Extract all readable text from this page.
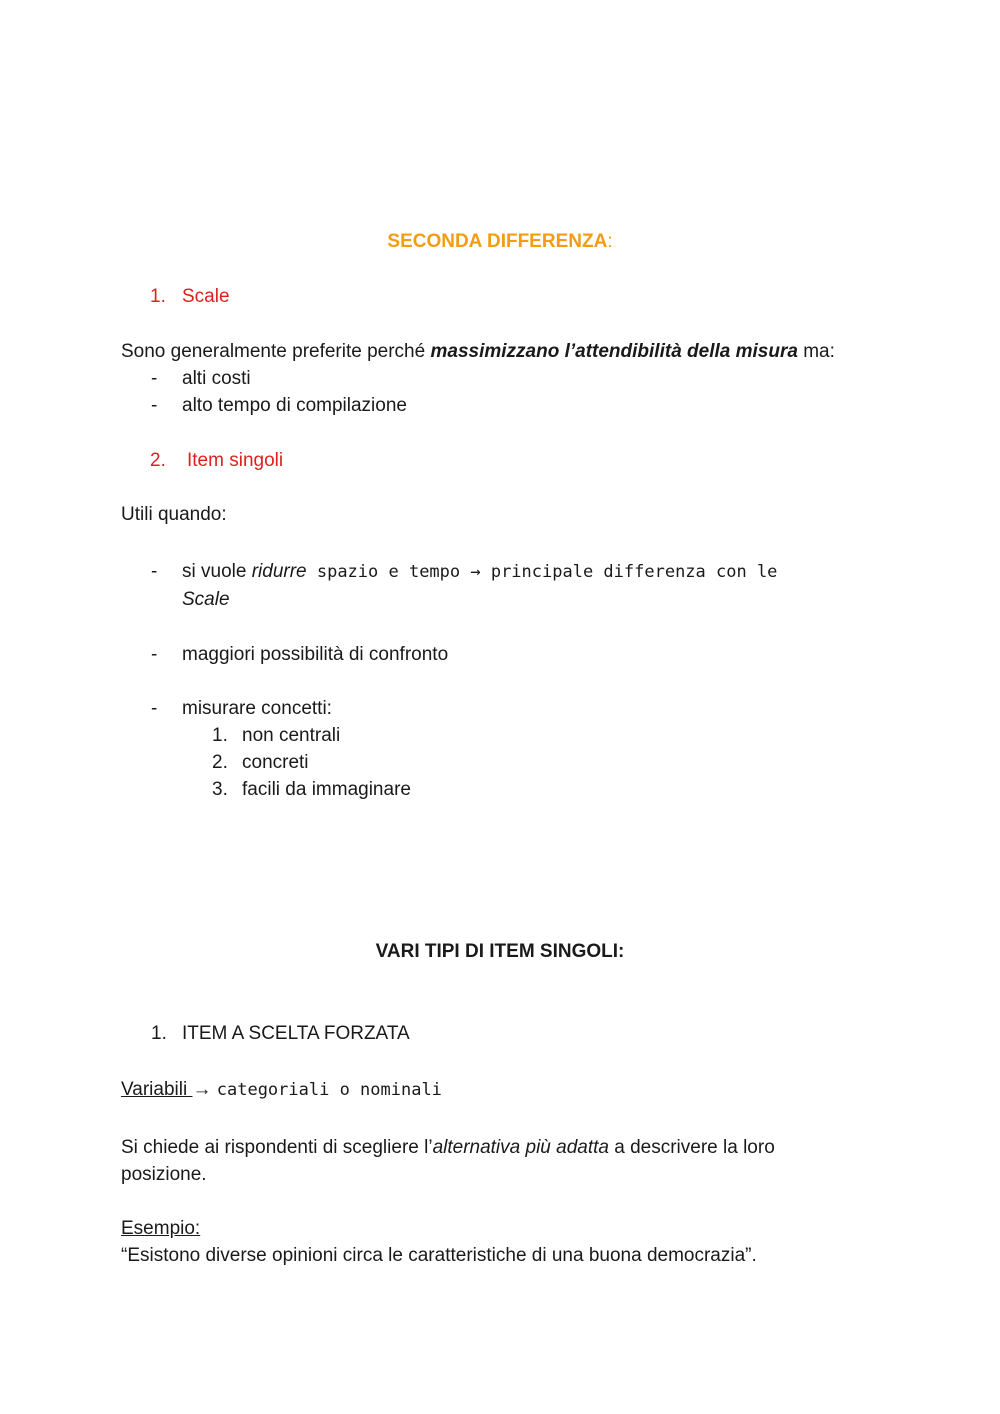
SECONDA DIFFERENZA:
1. Scale
Sono generalmente preferite perché massimizzano l’attendibilità della misura ma:
- alti costi
- alto tempo di compilazione
2. Item singoli
Utili quando:
- si vuole ridurre spazio e tempo → principale differenza con le
Scale
- maggiori possibilità di confronto
- misurare concetti:
1. non centrali
2. concreti
3. facili da immaginare
VARI TIPI DI ITEM SINGOLI:
1. ITEM A SCELTA FORZATA
Variabili → categoriali o nominali
Si chiede ai rispondenti di scegliere l’alternativa più adatta a descrivere la loro
posizione.
Esempio:
“Esistono diverse opinioni circa le caratteristiche di una buona democrazia”.
